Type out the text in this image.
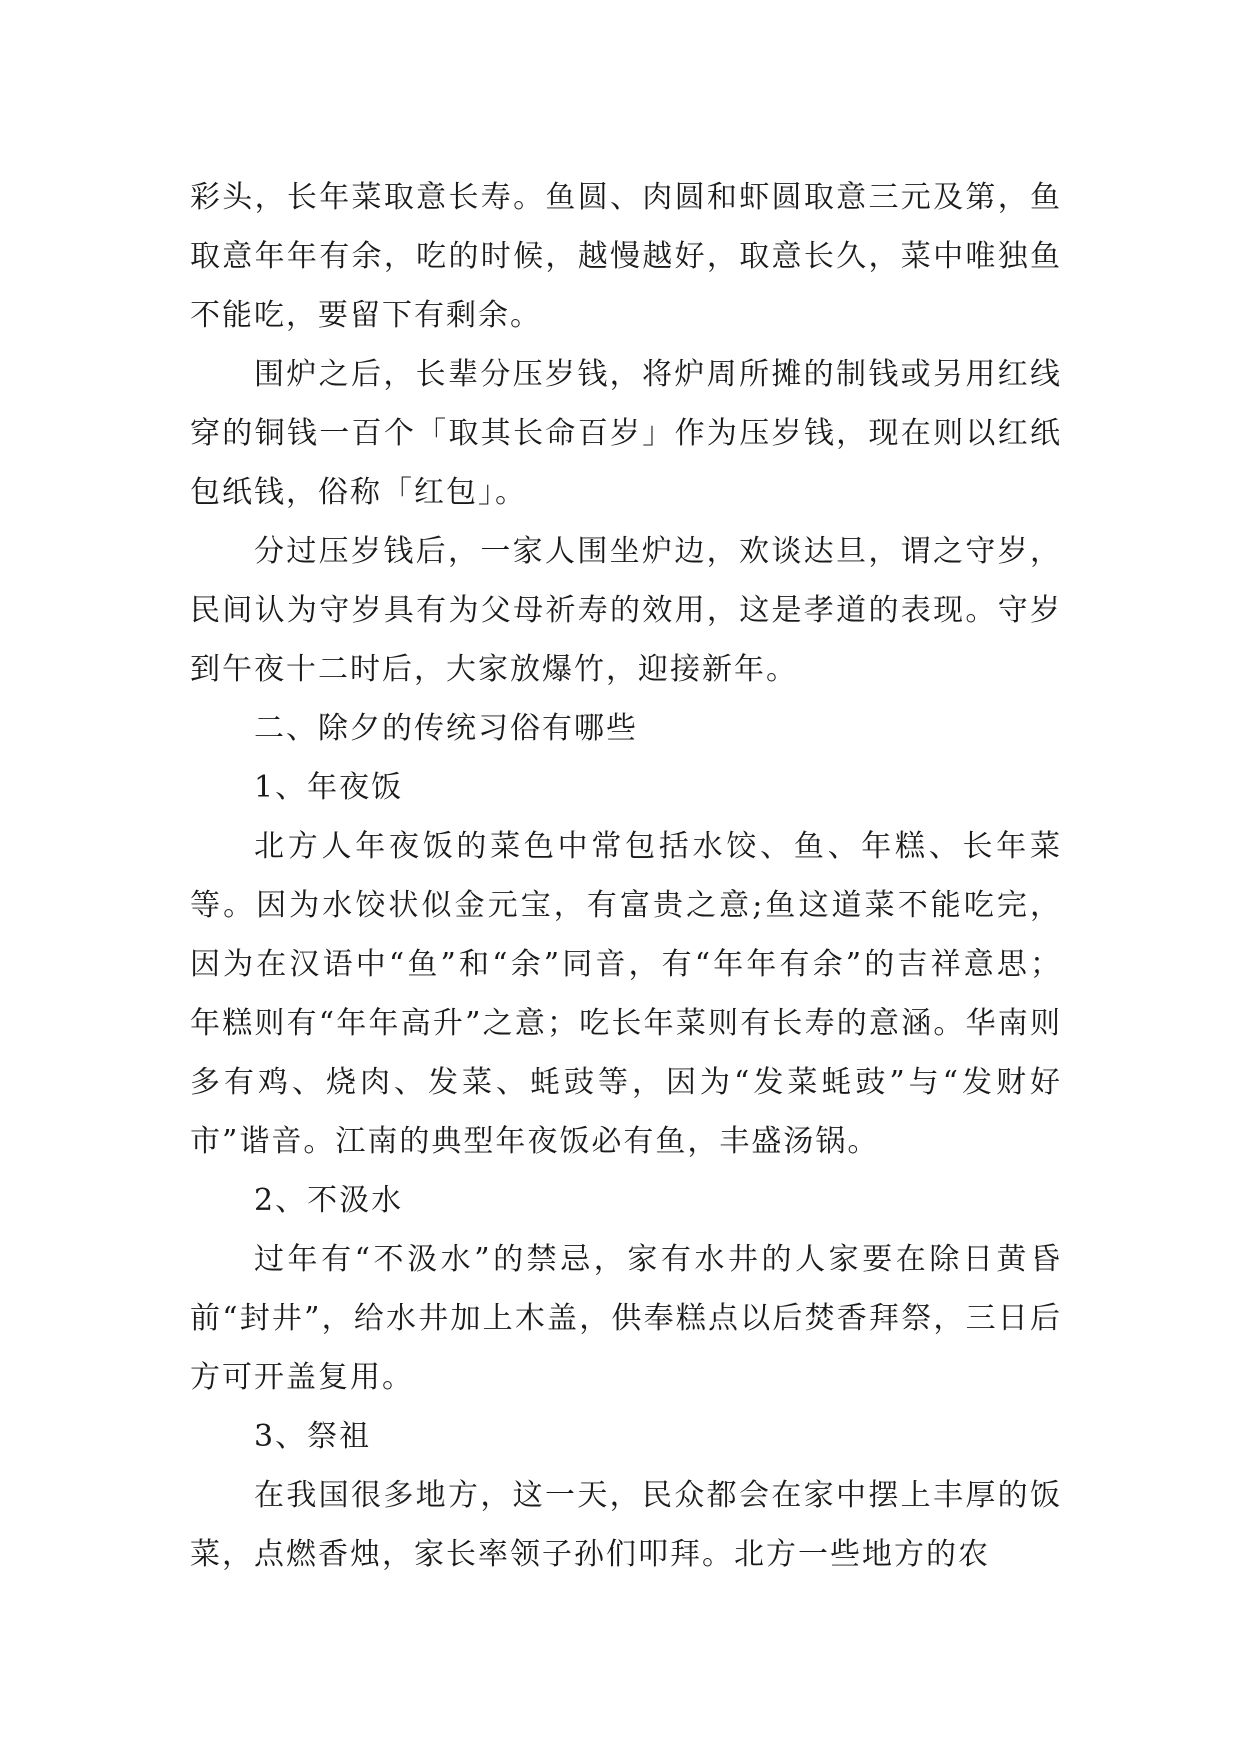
彩头，长年菜取意长寿。鱼圆、肉圆和虾圆取意三元及第，鱼取意年年有余，吃的时候，越慢越好，取意长久，菜中唯独鱼不能吃，要留下有剩余。

围炉之后，长辈分压岁钱，将炉周所摊的制钱或另用红线穿的铜钱一百个「取其长命百岁」作为压岁钱，现在则以红纸包纸钱，俗称「红包」。

分过压岁钱后，一家人围坐炉边，欢谈达旦，谓之守岁，民间认为守岁具有为父母祈寿的效用，这是孝道的表现。守岁到午夜十二时后，大家放爆竹，迎接新年。

二、除夕的传统习俗有哪些

1、年夜饭

北方人年夜饭的菜色中常包括水饺、鱼、年糕、长年菜等。因为水饺状似金元宝，有富贵之意;鱼这道菜不能吃完，因为在汉语中“鱼”和“余”同音，有“年年有余”的吉祥意思；年糕则有“年年高升”之意；吃长年菜则有长寿的意涵。华南则多有鸡、烧肉、发菜、蚝豉等，因为“发菜蚝豉”与“发财好市”谐音。江南的典型年夜饭必有鱼，丰盛汤锅。

2、不汲水

过年有“不汲水”的禁忌，家有水井的人家要在除日黄昏前“封井”，给水井加上木盖，供奉糕点以后焚香拜祭，三日后方可开盖复用。

3、祭祖

在我国很多地方，这一天，民众都会在家中摆上丰厚的饭菜，点燃香烛，家长率领子孙们叩拜。北方一些地方的农
